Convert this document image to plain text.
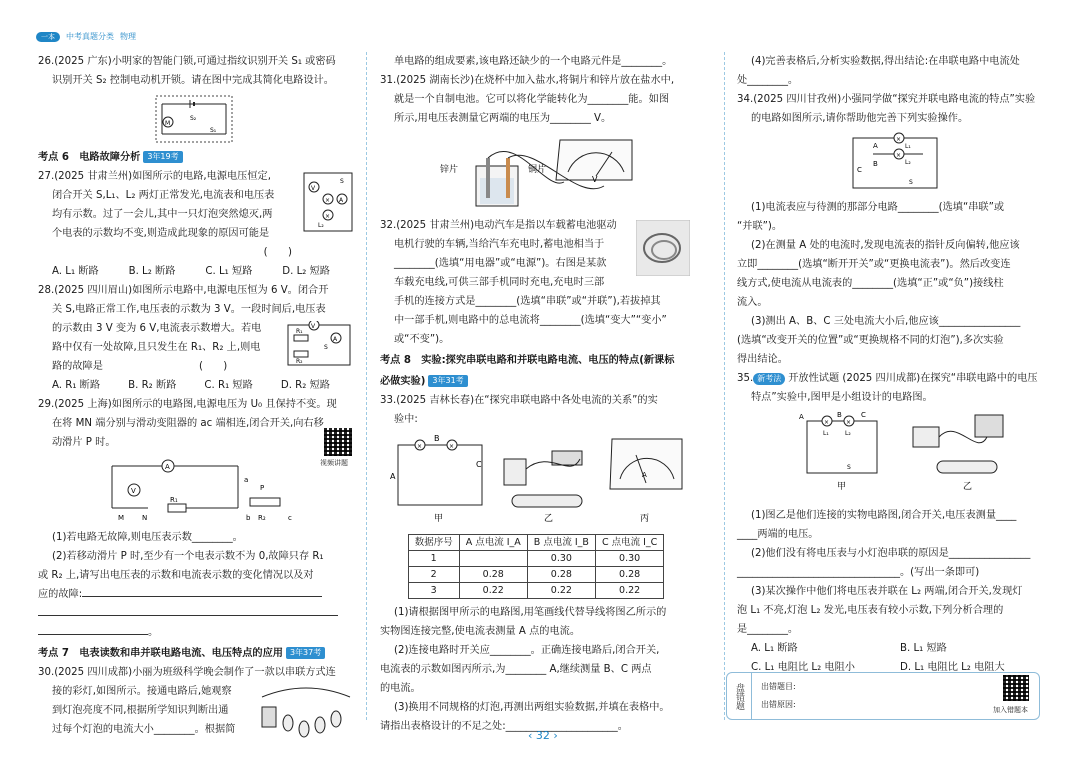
一本	中考真题分类 物理

26.(2025 广东)小明家的智能门锁,可通过指纹识别开关 S₁ 或密码

识别开关 S₂ 控制电动机开锁。请在图中完成其简化电路设计。

M
S₂
S₁

考点 6　电路故障分析 3年19考

V
× A
×
S
L₂

27.(2025 甘肃兰州)如图所示的电路,电源电压恒定,

闭合开关 S,L₁、L₂ 两灯正常发光,电流表和电压表

均有示数。过了一会儿,其中一只灯泡突然熄灭,两

个电表的示数均不变,则造成此现象的原因可能是

(　　)

A. L₁ 断路	B. L₂ 断路	C. L₁ 短路	D. L₂ 短路
V
R₁
A
R₂
S

28.(2025 四川眉山)如图所示电路中,电源电压恒为 6 V。闭合开

关 S,电路正常工作,电压表的示数为 3 V。一段时间后,电压表

的示数由 3 V 变为 6 V,电流表示数增大。若电

路中仅有一处故障,且只发生在 R₁、R₂ 上,则电

路的故障是	(　　)

A. R₁ 断路	B. R₂ 断路	C. R₁ 短路	D. R₂ 短路

29.(2025 上海)如图所示的电路图,电源电压为 U₀ 且保持不变。现

在将 MN 端分别与滑动变阻器的 ac 端相连,闭合开关,向右移

动滑片 P 时。

视频讲题
A
V
R₁
M	N	b	c
P
R₂
a

(1)若电路无故障,则电压表示数________。

(2)若移动滑片 P 时,至少有一个电表示数不为 0,故障只存 R₁

或 R₂ 上,请写出电压表的示数和电流表示数的变化情况以及对

应的故障:

。

考点 7　电表读数和串并联电路电流、电压特点的应用 3年37考

30.(2025 四川成都)小丽为班级科学晚会制作了一款以串联方式连

接的彩灯,如图所示。接通电路后,她观察

到灯泡亮度不同,根据所学知识判断出通

过每个灯泡的电流大小________。根据简

单电路的组成要素,该电路还缺少的一个电路元件是________。

31.(2025 湖南长沙)在烧杯中加入盐水,将铜片和锌片放在盐水中,

就是一个自制电池。它可以将化学能转化为________能。如图

所示,用电压表测量它两端的电压为________ V。

锌片	铜片
V

32.(2025 甘肃兰州)电动汽车是指以车载蓄电池驱动

电机行驶的车辆,当给汽车充电时,蓄电池相当于

________(选填“用电器”或“电源”)。右图是某款

车载充电线,可供三部手机同时充电,充电时三部

手机的连接方式是________(选填“串联”或“并联”),若拔掉其

中一部手机,则电路中的总电流将________(选填“变大”“变小”

或“不变”)。

考点 8　实验:探究串联电路和并联电路电流、电压的特点(新课标

必做实验) 3年31考

33.(2025 吉林长春)在“探究串联电路中各处电流的关系”的实

验中:

×	×
A
B
C
甲	乙
A
丙
数据序号	A 点电流 I_A	B 点电流 I_B	C 点电流 I_C
1		0.30	0.30
2	0.28	0.28	0.28
3	0.22	0.22	0.22

(1)请根据图甲所示的电路图,用笔画线代替导线将图乙所示的

实物图连接完整,使电流表测量 A 点的电流。

(2)连接电路时开关应________。正确连接电路后,闭合开关,

电流表的示数如图丙所示,为________ A,继续测量 B、C 两点

的电流。

(3)换用不同规格的灯泡,再测出两组实验数据,并填在表格中。

请指出表格设计的不足之处:______________________。

(4)完善表格后,分析实验数据,得出结论:在串联电路中电流处

处________。

34.(2025 四川甘孜州)小强同学做“探究并联电路电流的特点”实验

的电路如图所示,请你帮助他完善下列实验操作。

×
×
A
B
C
L₁
L₂
S

(1)电流表应与待测的那部分电路________(选填“串联”或

“并联”)。

(2)在测量 A 处的电流时,发现电流表的指针反向偏转,他应该

立即________(选填“断开开关”或“更换电流表”)。然后改变连

线方式,使电流从电流表的________(选填“正”或“负”)接线柱

流入。

(3)测出 A、B、C 三处电流大小后,他应该________________

(选填“改变开关的位置”或“更换规格不同的灯泡”),多次实验

得出结论。

35. 新考法 开放性试题 (2025 四川成都)在探究“串联电路中的电压

特点”实验中,图甲是小组设计的电路图。

×	×
A	B	C
L₁	L₂
S
甲	乙

(1)图乙是他们连接的实物电路图,闭合开关,电压表测量____

____两端的电压。

(2)他们没有将电压表与小灯泡串联的原因是________________

________________________________。(写出一条即可)

(3)某次操作中他们将电压表并联在 L₂ 两端,闭合开关,发现灯

泡 L₁ 不亮,灯泡 L₂ 发光,电压表有较小示数,下列分析合理的

是________。

A. L₁ 断路	B. L₁ 短路
C. L₁ 电阻比 L₂ 电阻小	D. L₁ 电阻比 L₂ 电阻大
盘错题	出错题目:
出错原因:
加入错题本
‹ 32 ›
